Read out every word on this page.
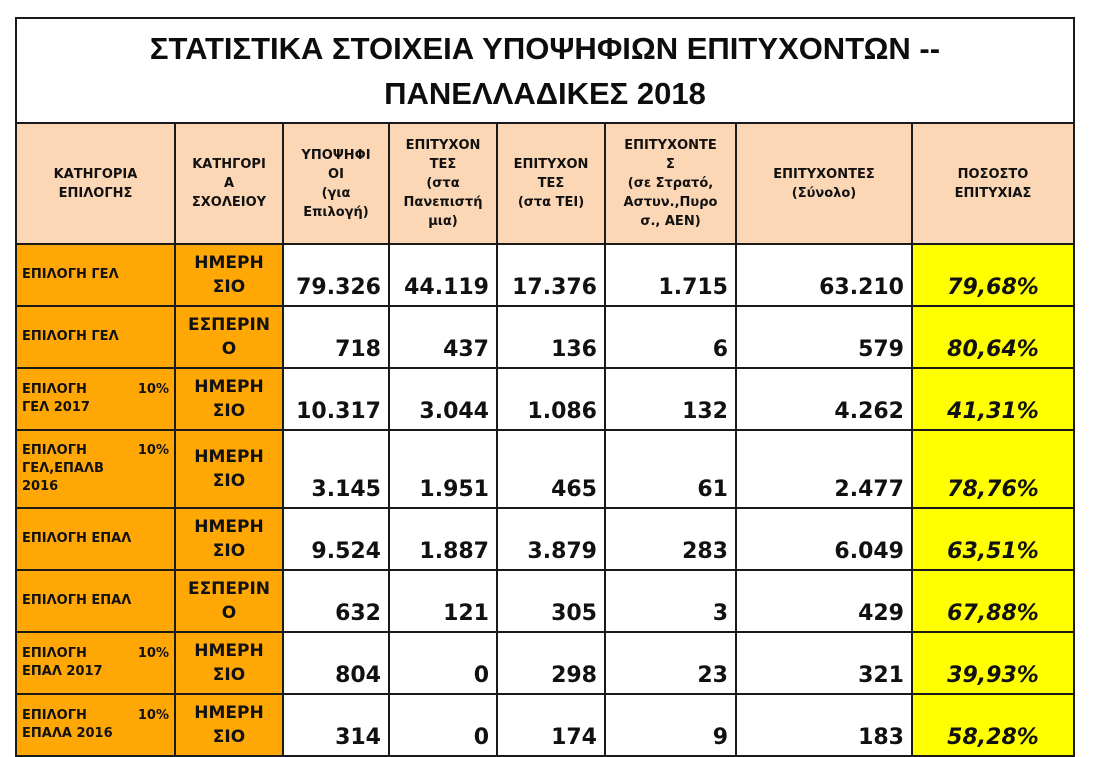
ΣΤΑΤΙΣΤΙΚΑ ΣΤΟΙΧΕΙΑ ΥΠΟΨΗΦΙΩΝ ΕΠΙΤΥΧΟΝΤΩΝ --
ΠΑΝΕΛΛΑΔΙΚΕΣ 2018							

ΚΑΤΗΓΟΡΙΑ
ΕΠΙΛΟΓΗΣ	ΚΑΤΗΓΟΡΙ
Α
ΣΧΟΛΕΙΟΥ	ΥΠΟΨΗΦΙ
ΟΙ
(για
Επιλογή)	ΕΠΙΤΥΧΟΝ
ΤΕΣ
(στα
Πανεπιστή
μια)	ΕΠΙΤΥΧΟΝ
ΤΕΣ
(στα ΤΕΙ)	ΕΠΙΤΥΧΟΝΤΕ
Σ
(σε Στρατό,
Αστυν.,Πυρο
σ., ΑΕΝ)	ΕΠΙΤΥΧΟΝΤΕΣ
(Σύνολο)	ΠΟΣΟΣΤΟ
ΕΠΙΤΥΧΙΑΣ

ΕΠΙΛΟΓΗ ΓΕΛ	ΗΜΕΡΗ
ΣΙΟ	79.326	44.119	17.376	1.715	63.210	79,68%

ΕΠΙΛΟΓΗ ΓΕΛ	ΕΣΠΕΡΙΝ
Ο	718	437	136	6	579	80,64%

ΕΠΙΛΟΓΗ 10%
ΓΕΛ 2017	ΗΜΕΡΗ
ΣΙΟ	10.317	3.044	1.086	132	4.262	41,31%

ΕΠΙΛΟΓΗ 10%
ΓΕΛ,ΕΠΑΛΒ
2016	ΗΜΕΡΗ
ΣΙΟ	3.145	1.951	465	61	2.477	78,76%

ΕΠΙΛΟΓΗ ΕΠΑΛ	ΗΜΕΡΗ
ΣΙΟ	9.524	1.887	3.879	283	6.049	63,51%

ΕΠΙΛΟΓΗ ΕΠΑΛ	ΕΣΠΕΡΙΝ
Ο	632	121	305	3	429	67,88%

ΕΠΙΛΟΓΗ 10%
ΕΠΑΛ 2017	ΗΜΕΡΗ
ΣΙΟ	804	0	298	23	321	39,93%

ΕΠΙΛΟΓΗ 10%
ΕΠΑΛΑ 2016	ΗΜΕΡΗ
ΣΙΟ	314	0	174	9	183	58,28%
